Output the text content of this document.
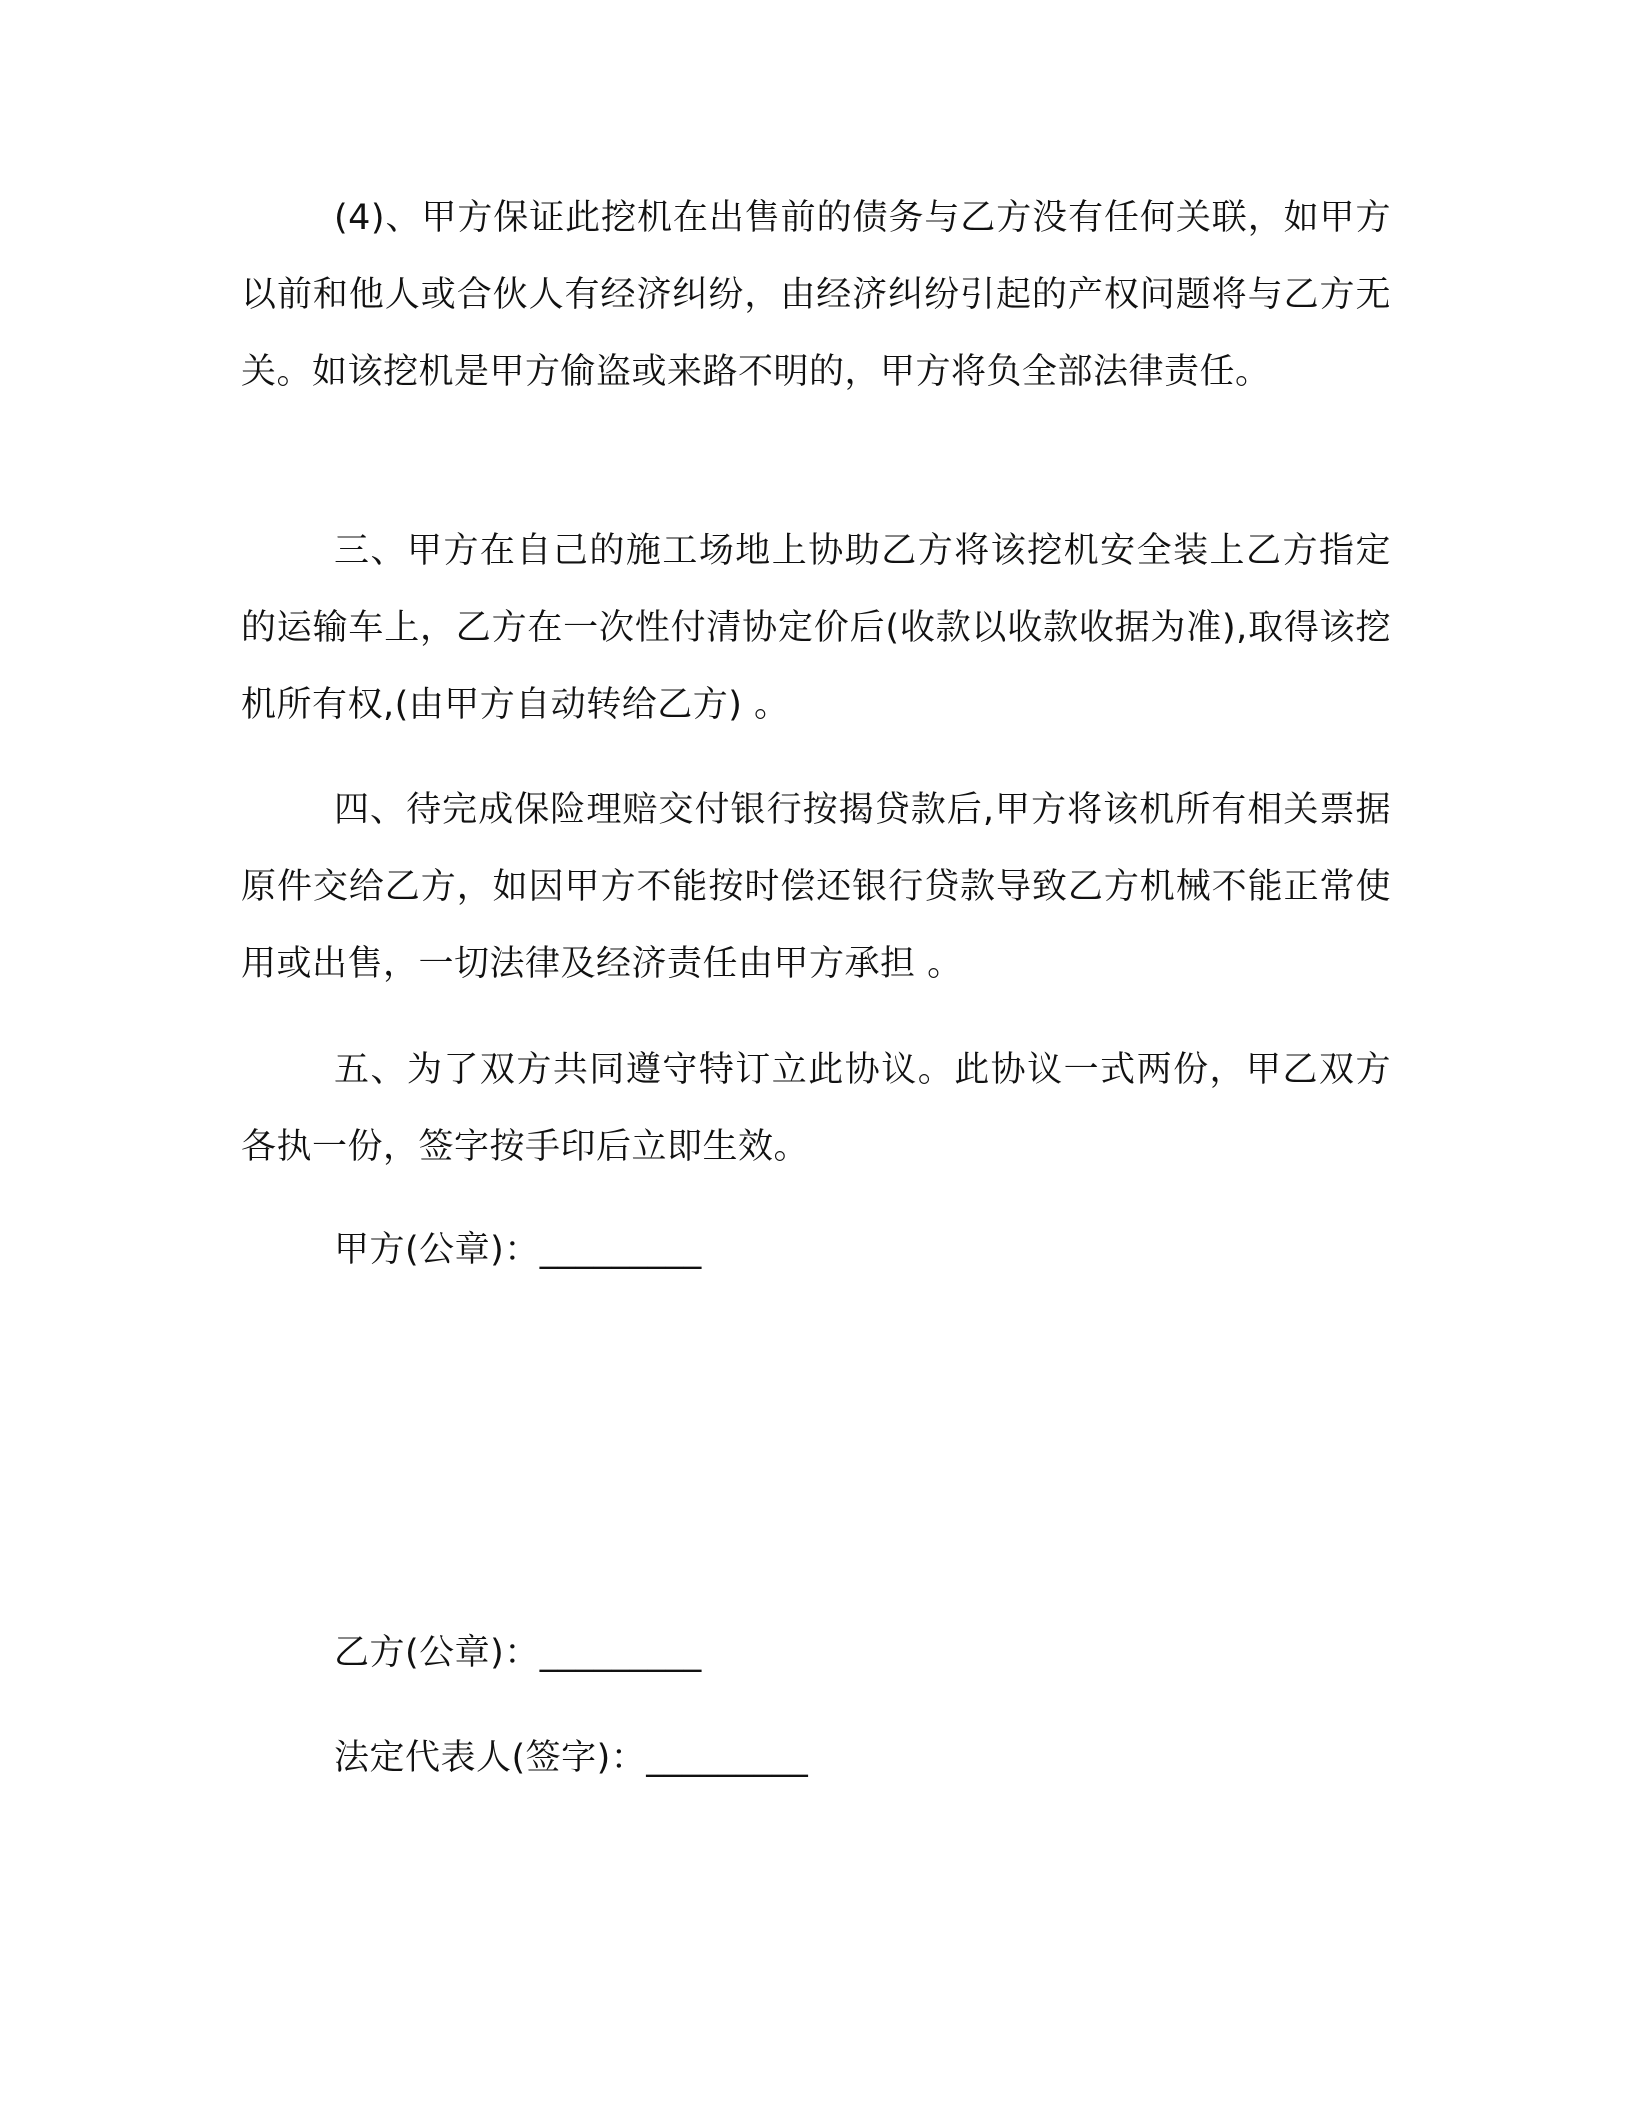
(4)、甲方保证此挖机在出售前的债务与乙方没有任何关联，如甲方以前和他人或合伙人有经济纠纷，由经济纠纷引起的产权问题将与乙方无关。如该挖机是甲方偷盗或来路不明的，甲方将负全部法律责任。

三、甲方在自己的施工场地上协助乙方将该挖机安全装上乙方指定的运输车上，乙方在一次性付清协定价后(收款以收款收据为准),取得该挖机所有权,(由甲方自动转给乙方) 。

四、待完成保险理赔交付银行按揭贷款后,甲方将该机所有相关票据原件交给乙方，如因甲方不能按时偿还银行贷款导致乙方机械不能正常使用或出售，一切法律及经济责任由甲方承担 。

五、为了双方共同遵守特订立此协议。此协议一式两份，甲乙双方各执一份，签字按手印后立即生效。

甲方(公章)：_________
乙方(公章)：_________
法定代表人(签字)：_________
